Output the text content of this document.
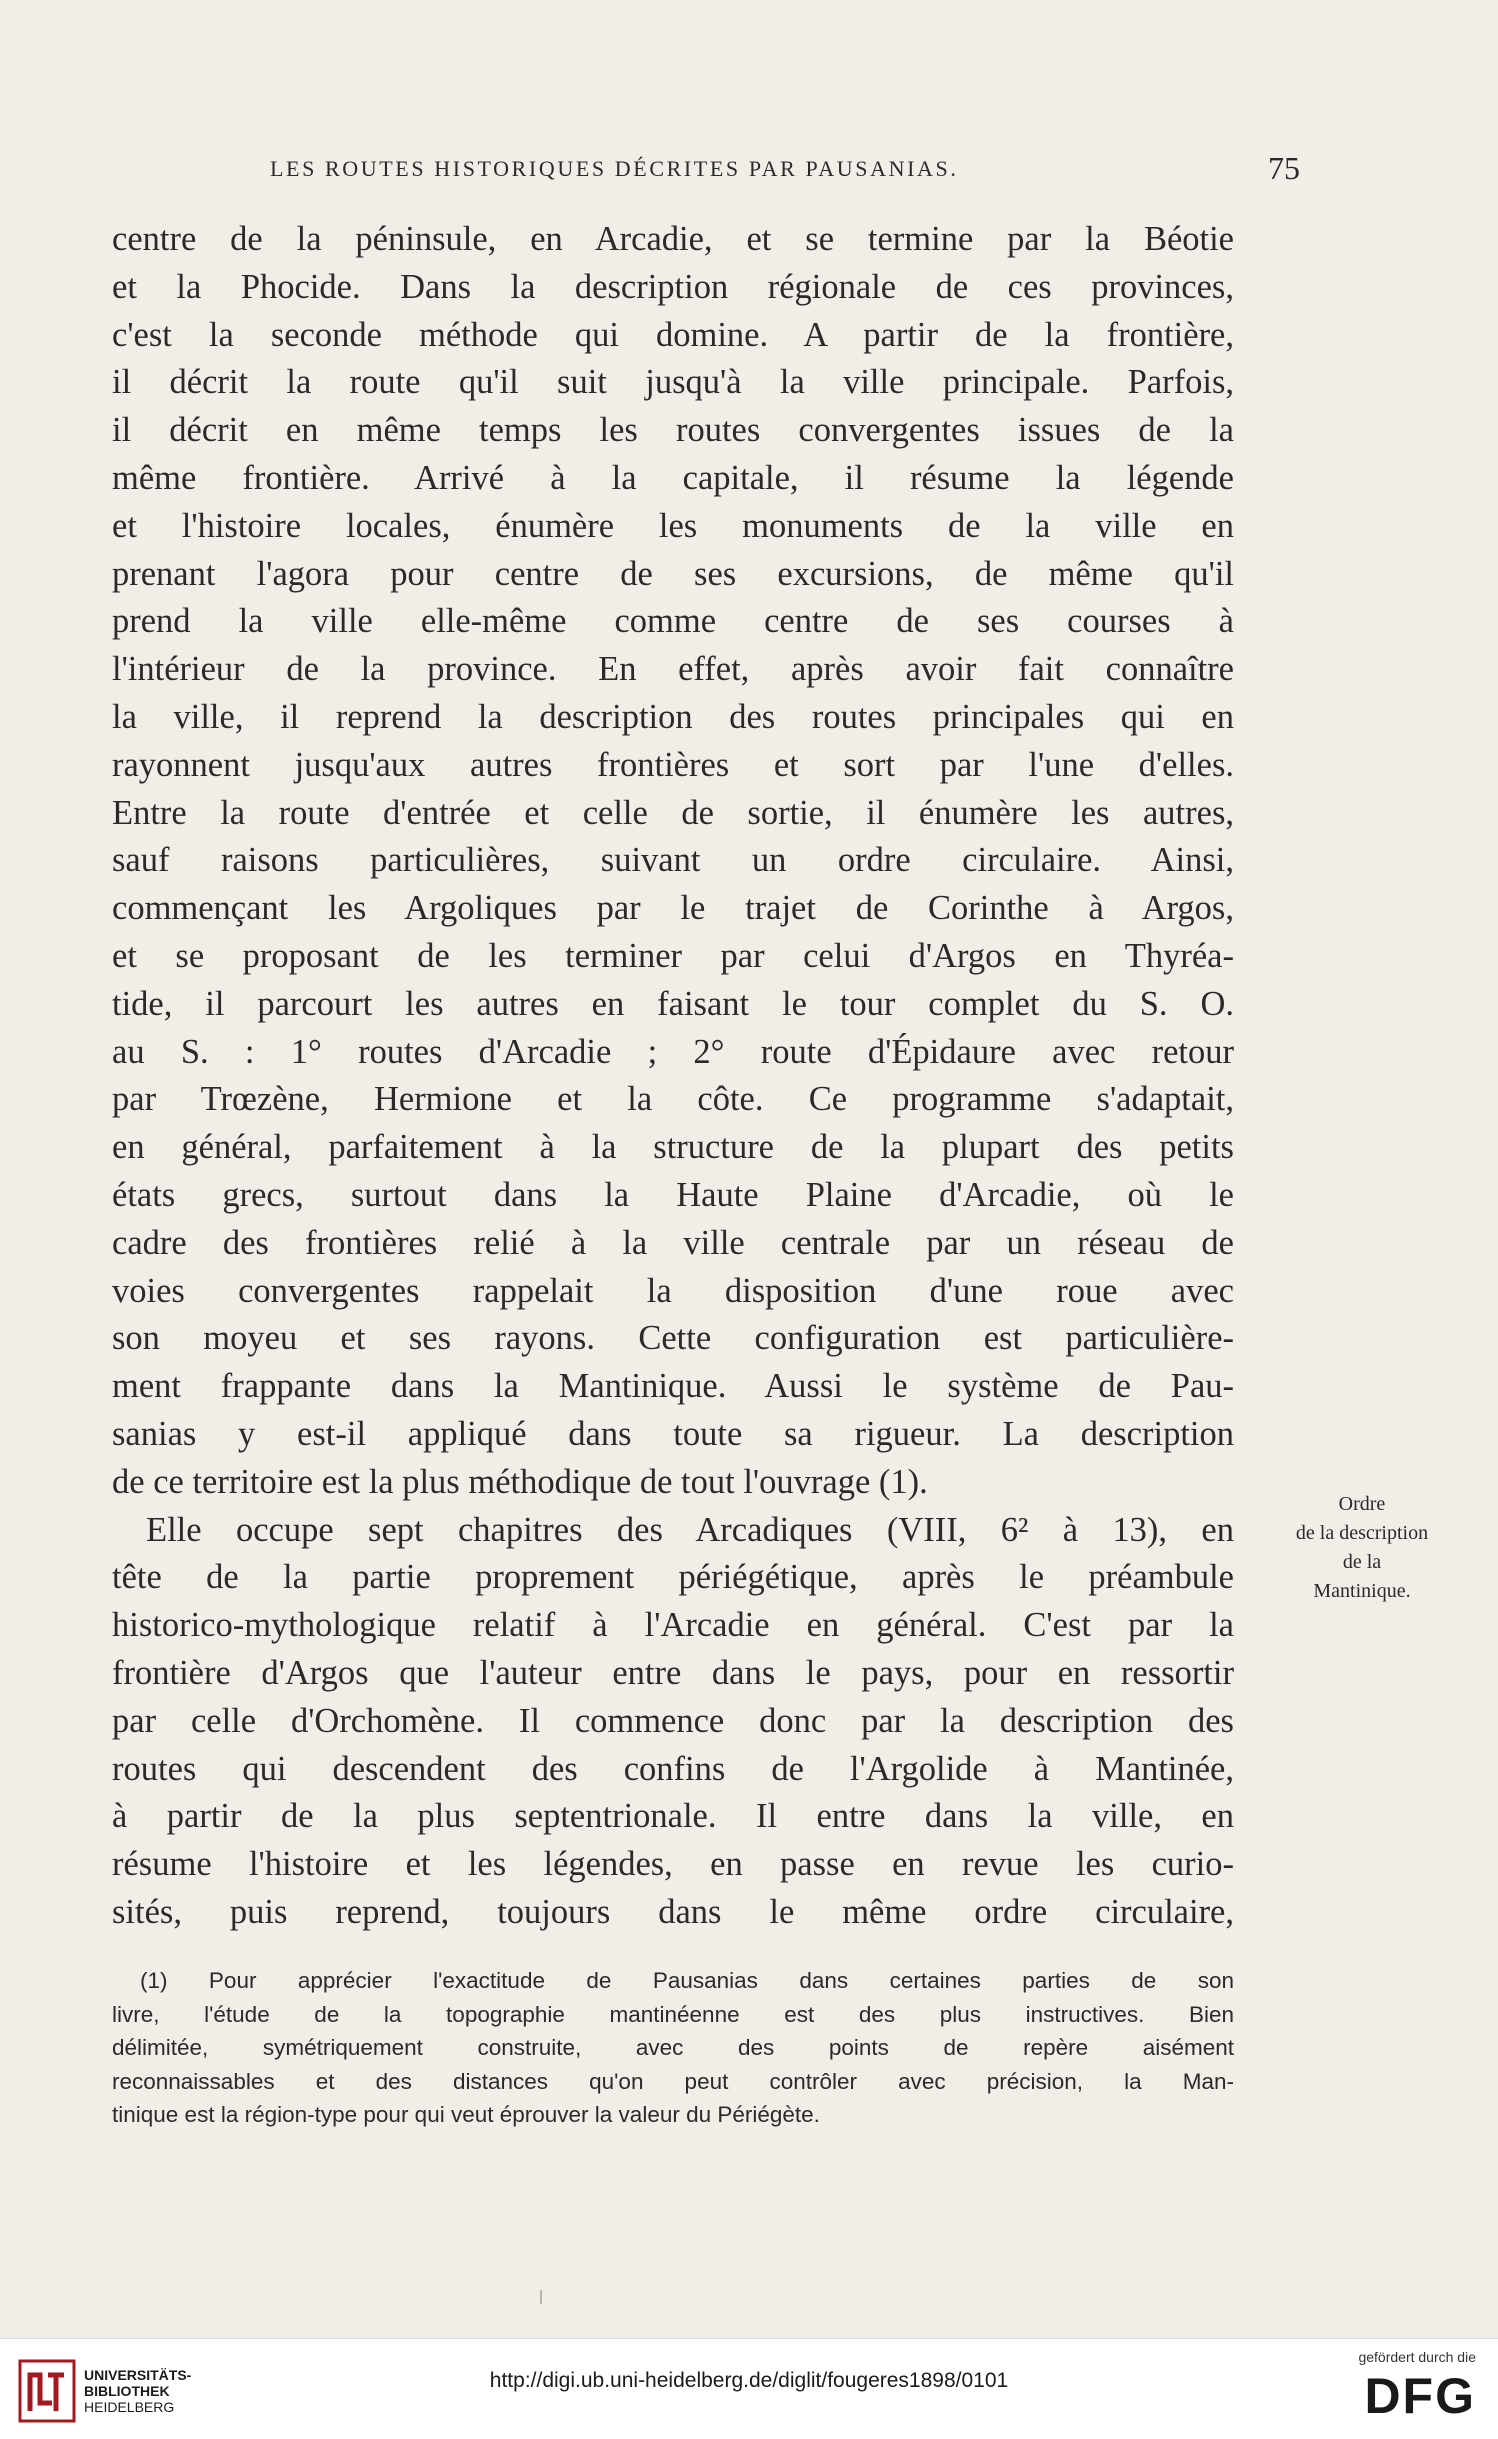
LES ROUTES HISTORIQUES DÉCRITES PAR PAUSANIAS.	75
centre de la péninsule, en Arcadie, et se termine par la Béotie
et la Phocide. Dans la description régionale de ces provinces,
c'est la seconde méthode qui domine. A partir de la frontière,
il décrit la route qu'il suit jusqu'à la ville principale. Parfois,
il décrit en même temps les routes convergentes issues de la
même frontière. Arrivé à la capitale, il résume la légende
et l'histoire locales, énumère les monuments de la ville en
prenant l'agora pour centre de ses excursions, de même qu'il
prend la ville elle-même comme centre de ses courses à
l'intérieur de la province. En effet, après avoir fait connaître
la ville, il reprend la description des routes principales qui en
rayonnent jusqu'aux autres frontières et sort par l'une d'elles.
Entre la route d'entrée et celle de sortie, il énumère les autres,
sauf raisons particulières, suivant un ordre circulaire. Ainsi,
commençant les Argoliques par le trajet de Corinthe à Argos,
et se proposant de les terminer par celui d'Argos en Thyréa-
tide, il parcourt les autres en faisant le tour complet du S. O.
au S. : 1° routes d'Arcadie ; 2° route d'Épidaure avec retour
par Trœzène, Hermione et la côte. Ce programme s'adaptait,
en général, parfaitement à la structure de la plupart des petits
états grecs, surtout dans la Haute Plaine d'Arcadie, où le
cadre des frontières relié à la ville centrale par un réseau de
voies convergentes rappelait la disposition d'une roue avec
son moyeu et ses rayons. Cette configuration est particulière-
ment frappante dans la Mantinique. Aussi le système de Pau-
sanias y est-il appliqué dans toute sa rigueur. La description
de ce territoire est la plus méthodique de tout l'ouvrage (1).
Elle occupe sept chapitres des Arcadiques (VIII, 6² à 13), en
tête de la partie proprement périégétique, après le préambule
historico-mythologique relatif à l'Arcadie en général. C'est par la
frontière d'Argos que l'auteur entre dans le pays, pour en ressortir
par celle d'Orchomène. Il commence donc par la description des
routes qui descendent des confins de l'Argolide à Mantinée,
à partir de la plus septentrionale. Il entre dans la ville, en
résume l'histoire et les légendes, en passe en revue les curio-
sités, puis reprend, toujours dans le même ordre circulaire,
Ordre
de la description
de la
Mantinique.
(1) Pour apprécier l'exactitude de Pausanias dans certaines parties de son
livre, l'étude de la topographie mantinéenne est des plus instructives. Bien
délimitée, symétriquement construite, avec des points de repère aisément
reconnaissables et des distances qu'on peut contrôler avec précision, la Man-
tinique est la région-type pour qui veut éprouver la valeur du Périégète.
UNIVERSITÄTS-
BIBLIOTHEK
HEIDELBERG
http://digi.ub.uni-heidelberg.de/diglit/fougeres1898/0101
gefördert durch die
DFG
